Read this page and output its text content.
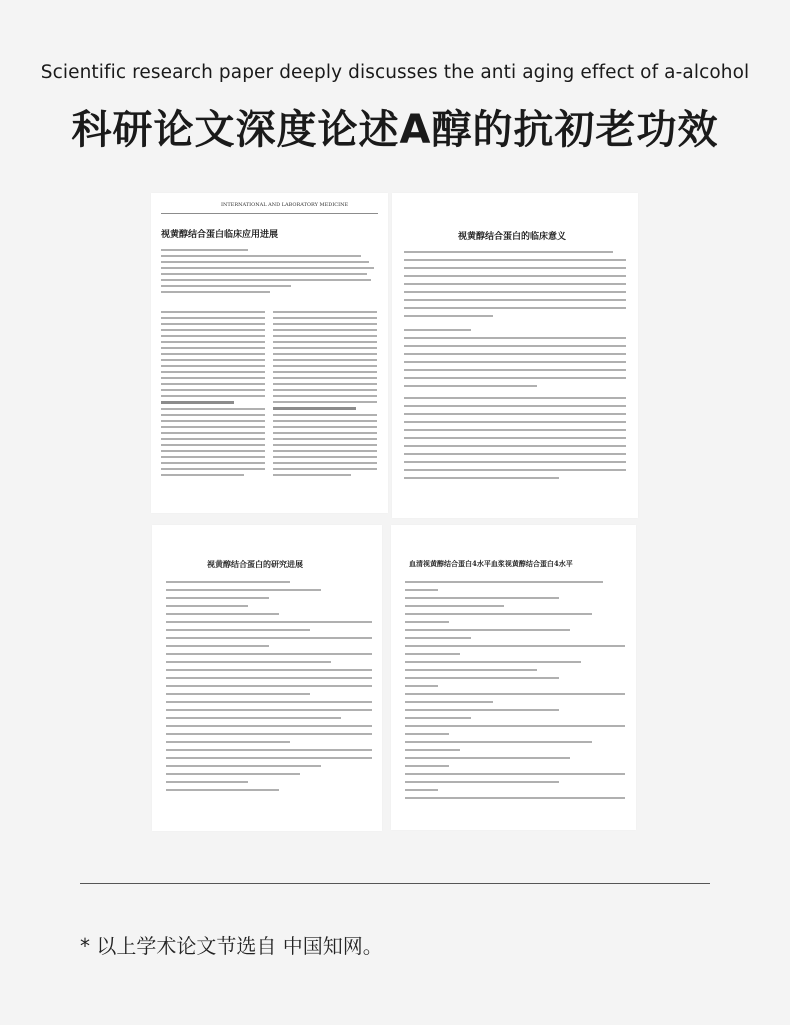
Scientific research paper deeply discusses the anti aging effect of a-alcohol
科研论文深度论述A醇的抗初老功效
INTERNATIONAL AND LABORATORY MEDICINE
视黄醇结合蛋白临床应用进展	视黄醇结合蛋白的临床意义
视黄醇结合蛋白的研究进展	血清视黄醇结合蛋白4水平血浆视黄醇结合蛋白4水平
* 以上学术论文节选自 中国知网。
